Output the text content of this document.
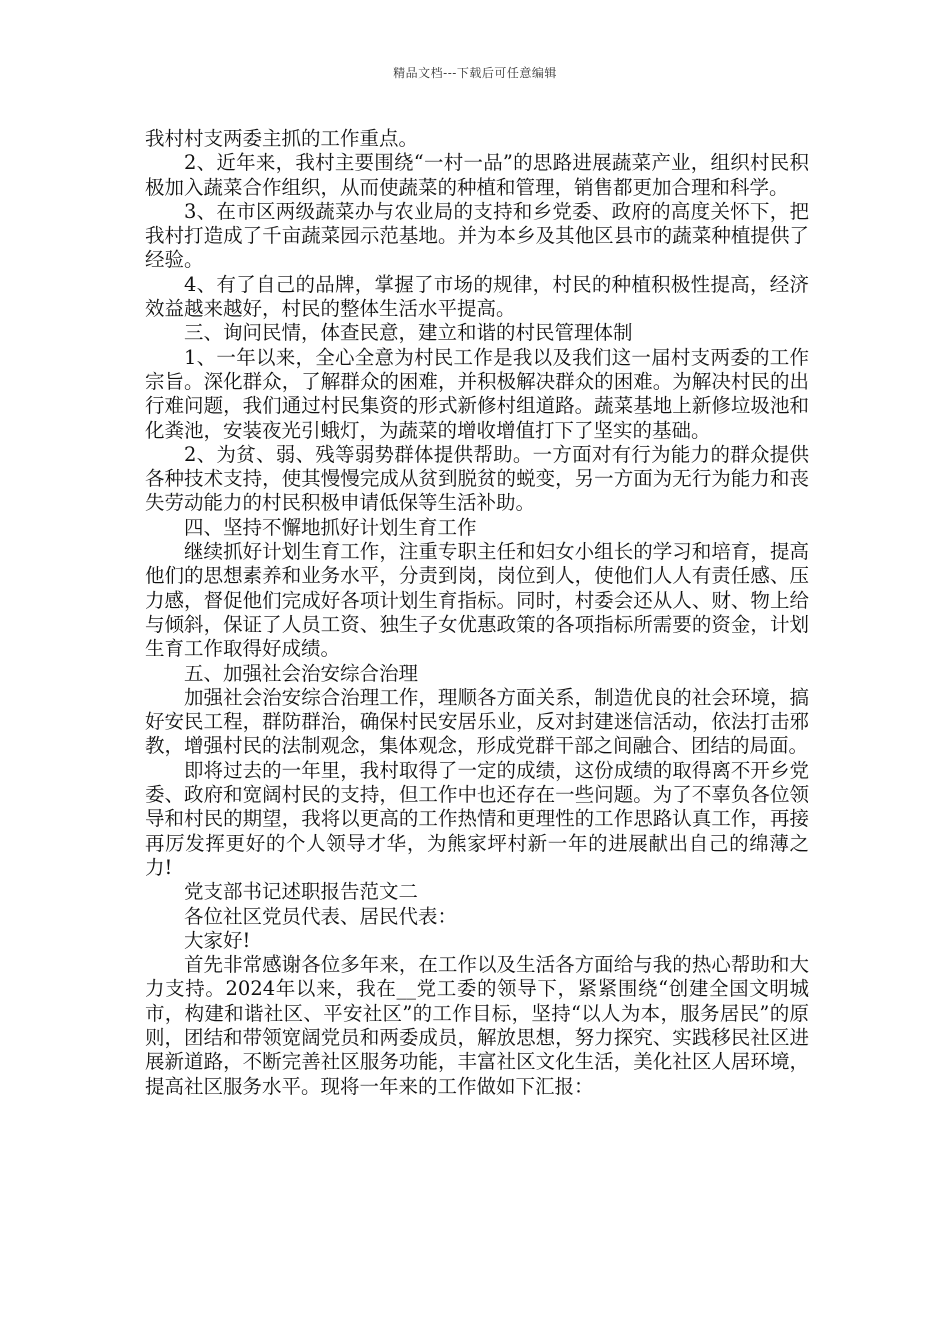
精品文档---下载后可任意编辑

我村村支两委主抓的工作重点。

2、近年来，我村主要围绕“一村一品”的思路进展蔬菜产业，组织村民积极加入蔬菜合作组织，从而使蔬菜的种植和管理，销售都更加合理和科学。

3、在市区两级蔬菜办与农业局的支持和乡党委、政府的高度关怀下，把我村打造成了千亩蔬菜园示范基地。并为本乡及其他区县市的蔬菜种植提供了经验。

4、有了自己的品牌，掌握了市场的规律，村民的种植积极性提高，经济效益越来越好，村民的整体生活水平提高。

三、询问民情，体查民意，建立和谐的村民管理体制

1、一年以来，全心全意为村民工作是我以及我们这一届村支两委的工作宗旨。深化群众，了解群众的困难，并积极解决群众的困难。为解决村民的出行难问题，我们通过村民集资的形式新修村组道路。蔬菜基地上新修垃圾池和化粪池，安装夜光引蛾灯，为蔬菜的增收增值打下了坚实的基础。

2、为贫、弱、残等弱势群体提供帮助。一方面对有行为能力的群众提供各种技术支持，使其慢慢完成从贫到脱贫的蜕变，另一方面为无行为能力和丧失劳动能力的村民积极申请低保等生活补助。

四、坚持不懈地抓好计划生育工作

继续抓好计划生育工作，注重专职主任和妇女小组长的学习和培育，提高他们的思想素养和业务水平，分责到岗，岗位到人，使他们人人有责任感、压力感，督促他们完成好各项计划生育指标。同时，村委会还从人、财、物上给与倾斜，保证了人员工资、独生子女优惠政策的各项指标所需要的资金，计划生育工作取得好成绩。

五、加强社会治安综合治理

加强社会治安综合治理工作，理顺各方面关系，制造优良的社会环境，搞好安民工程，群防群治，确保村民安居乐业，反对封建迷信活动，依法打击邪教，增强村民的法制观念，集体观念，形成党群干部之间融合、团结的局面。

即将过去的一年里，我村取得了一定的成绩，这份成绩的取得离不开乡党委、政府和宽阔村民的支持，但工作中也还存在一些问题。为了不辜负各位领导和村民的期望，我将以更高的工作热情和更理性的工作思路认真工作，再接再厉发挥更好的个人领导才华，为熊家坪村新一年的进展献出自己的绵薄之力!

党支部书记述职报告范文二

各位社区党员代表、居民代表：

大家好!

首先非常感谢各位多年来，在工作以及生活各方面给与我的热心帮助和大力支持。2024年以来，我在__党工委的领导下，紧紧围绕“创建全国文明城市，构建和谐社区、平安社区”的工作目标，坚持“以人为本，服务居民”的原则，团结和带领宽阔党员和两委成员，解放思想，努力探究、实践移民社区进展新道路，不断完善社区服务功能，丰富社区文化生活，美化社区人居环境，提高社区服务水平。现将一年来的工作做如下汇报：
